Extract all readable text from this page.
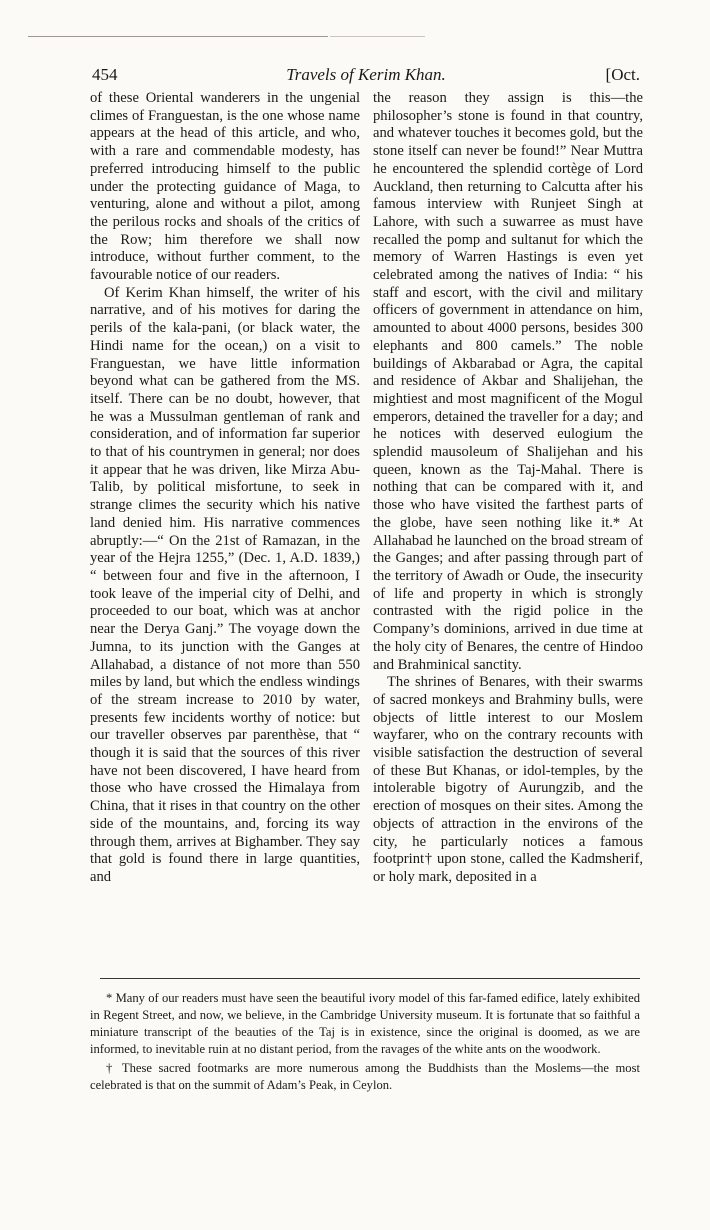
454	Travels of Kerim Khan.	[Oct.

of these Oriental wanderers in the ungenial climes of Franguestan, is the one whose name appears at the head of this article, and who, with a rare and commendable modesty, has preferred introducing himself to the public under the protecting guidance of Maga, to venturing, alone and without a pilot, among the perilous rocks and shoals of the critics of the Row; him therefore we shall now introduce, without further comment, to the favourable notice of our readers.

Of Kerim Khan himself, the writer of his narrative, and of his motives for daring the perils of the kala-pani, (or black water, the Hindi name for the ocean,) on a visit to Franguestan, we have little information beyond what can be gathered from the MS. itself. There can be no doubt, however, that he was a Mussulman gentleman of rank and consideration, and of information far superior to that of his countrymen in general; nor does it appear that he was driven, like Mirza Abu-Talib, by political misfortune, to seek in strange climes the security which his native land denied him. His narrative commences abruptly:—“ On the 21st of Ramazan, in the year of the Hejra 1255,” (Dec. 1, A.D. 1839,) “ between four and five in the afternoon, I took leave of the imperial city of Delhi, and proceeded to our boat, which was at anchor near the Derya Ganj.” The voyage down the Jumna, to its junction with the Ganges at Allahabad, a distance of not more than 550 miles by land, but which the endless windings of the stream increase to 2010 by water, presents few incidents worthy of notice: but our traveller observes par parenthèse, that “ though it is said that the sources of this river have not been discovered, I have heard from those who have crossed the Himalaya from China, that it rises in that country on the other side of the mountains, and, forcing its way through them, arrives at Bighamber. They say that gold is found there in large quantities, and

the reason they assign is this—the philosopher’s stone is found in that country, and whatever touches it becomes gold, but the stone itself can never be found!” Near Muttra he encountered the splendid cortège of Lord Auckland, then returning to Calcutta after his famous interview with Runjeet Singh at Lahore, with such a suwarree as must have recalled the pomp and sultanut for which the memory of Warren Hastings is even yet celebrated among the natives of India: “ his staff and escort, with the civil and military officers of government in attendance on him, amounted to about 4000 persons, besides 300 elephants and 800 camels.” The noble buildings of Akbarabad or Agra, the capital and residence of Akbar and Shalijehan, the mightiest and most magnificent of the Mogul emperors, detained the traveller for a day; and he notices with deserved eulogium the splendid mausoleum of Shalijehan and his queen, known as the Taj-Mahal. There is nothing that can be compared with it, and those who have visited the farthest parts of the globe, have seen nothing like it.* At Allahabad he launched on the broad stream of the Ganges; and after passing through part of the territory of Awadh or Oude, the insecurity of life and property in which is strongly contrasted with the rigid police in the Company’s dominions, arrived in due time at the holy city of Benares, the centre of Hindoo and Brahminical sanctity.

The shrines of Benares, with their swarms of sacred monkeys and Brahminy bulls, were objects of little interest to our Moslem wayfarer, who on the contrary recounts with visible satisfaction the destruction of several of these But Khanas, or idol-temples, by the intolerable bigotry of Aurungzib, and the erection of mosques on their sites. Among the objects of attraction in the environs of the city, he particularly notices a famous footprint† upon stone, called the Kadmsherif, or holy mark, deposited in a

* Many of our readers must have seen the beautiful ivory model of this far-famed edifice, lately exhibited in Regent Street, and now, we believe, in the Cambridge University museum. It is fortunate that so faithful a miniature transcript of the beauties of the Taj is in existence, since the original is doomed, as we are informed, to inevitable ruin at no distant period, from the ravages of the white ants on the woodwork.

† These sacred footmarks are more numerous among the Buddhists than the Moslems—the most celebrated is that on the summit of Adam’s Peak, in Ceylon.
